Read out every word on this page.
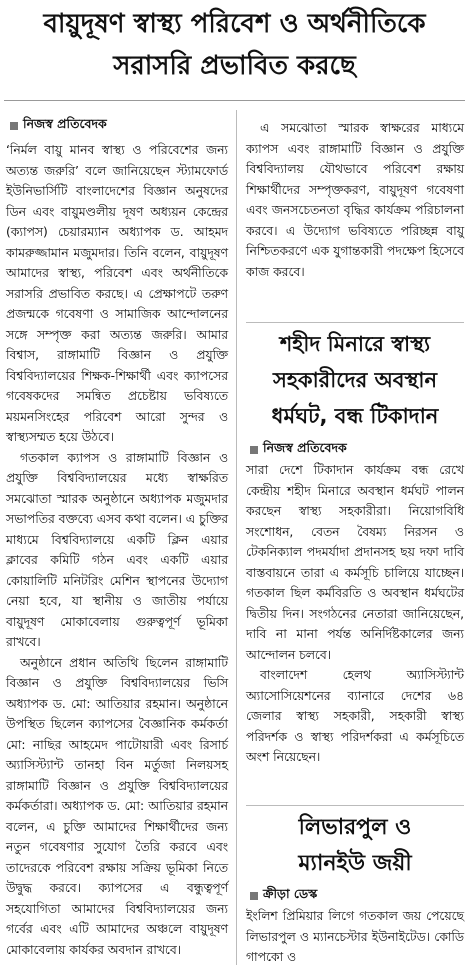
বায়ুদূষণ স্বাস্থ্য পরিবেশ ও অর্থনীতিকে
সরাসরি প্রভাবিত করছে
নিজস্ব প্রতিবেদক

‘নির্মল বায়ু মানব স্বাস্থ্য ও পরিবেশের জন্য অত্যন্ত জরুরি’ বলে জানিয়েছেন স্ট্যামফোর্ড ইউনিভার্সিটি বাংলাদেশের বিজ্ঞান অনুষদের ডিন এবং বায়ুমণ্ডলীয় দূষণ অধ্যয়ন কেন্দ্রের (ক্যাপস) চেয়ারম্যান অধ্যাপক ড. আহমদ কামরুজ্জামান মজুমদার। তিনি বলেন, বায়ুদূষণ আমাদের স্বাস্থ্য, পরিবেশ এবং অর্থনীতিকে সরাসরি প্রভাবিত করছে। এ প্রেক্ষাপটে তরুণ প্রজন্মকে গবেষণা ও সামাজিক আন্দোলনের সঙ্গে সম্পৃক্ত করা অত্যন্ত জরুরি। আমার বিশ্বাস, রাঙ্গামাটি বিজ্ঞান ও প্রযুক্তি বিশ্ববিদ্যালয়ের শিক্ষক-শিক্ষার্থী এবং ক্যাপসের গবেষকদের সমন্বিত প্রচেষ্টায় ভবিষ্যতে ময়মনসিংহের পরিবেশ আরো সুন্দর ও স্বাস্থ্যসম্মত হয়ে উঠবে।

গতকাল ক্যাপস ও রাঙ্গামাটি বিজ্ঞান ও প্রযুক্তি বিশ্ববিদ্যালয়ের মধ্যে স্বাক্ষরিত সমঝোতা স্মারক অনুষ্ঠানে অধ্যাপক মজুমদার সভাপতির বক্তব্যে এসব কথা বলেন। এ চুক্তির মাধ্যমে বিশ্ববিদ্যালয়ে একটি ক্লিন এয়ার ক্লাবের কমিটি গঠন এবং একটি এয়ার কোয়ালিটি মনিটরিং মেশিন স্থাপনের উদ্যোগ নেয়া হবে, যা স্থানীয় ও জাতীয় পর্যায়ে বায়ুদূষণ মোকাবেলায় গুরুত্বপূর্ণ ভূমিকা রাখবে।

অনুষ্ঠানে প্রধান অতিথি ছিলেন রাঙ্গামাটি বিজ্ঞান ও প্রযুক্তি বিশ্ববিদ্যালয়ের ভিসি অধ্যাপক ড. মো: আতিয়ার রহমান। অনুষ্ঠানে উপস্থিত ছিলেন ক্যাপসের বৈজ্ঞানিক কর্মকর্তা মো: নাছির আহমেদ পাটোয়ারী এবং রিসার্চ অ্যাসিস্ট্যান্ট তানহা বিন মর্তুজা নিলয়সহ রাঙ্গামাটি বিজ্ঞান ও প্রযুক্তি বিশ্ববিদ্যালয়ের কর্মকর্তারা। অধ্যাপক ড. মো: আতিয়ার রহমান বলেন, এ চুক্তি আমাদের শিক্ষার্থীদের জন্য নতুন গবেষণার সুযোগ তৈরি করবে এবং তাদেরকে পরিবেশ রক্ষায় সক্রিয় ভূমিকা নিতে উদ্বুদ্ধ করবে। ক্যাপসের এ বন্ধুত্বপূর্ণ সহযোগিতা আমাদের বিশ্ববিদ্যালয়ের জন্য গর্বের এবং এটি আমাদের অঞ্চলে বায়ুদূষণ মোকাবেলায় কার্যকর অবদান রাখবে।

এ সমঝোতা স্মারক স্বাক্ষরের মাধ্যমে ক্যাপস এবং রাঙ্গামাটি বিজ্ঞান ও প্রযুক্তি বিশ্ববিদ্যালয় যৌথভাবে পরিবেশ রক্ষায় শিক্ষার্থীদের সম্পৃক্তকরণ, বায়ুদূষণ গবেষণা এবং জনসচেতনতা বৃদ্ধির কার্যক্রম পরিচালনা করবে। এ উদ্যোগ ভবিষ্যতে পরিচ্ছন্ন বায়ু নিশ্চিতকরণে এক যুগান্তকারী পদক্ষেপ হিসেবে কাজ করবে।

শহীদ মিনারে স্বাস্থ্য
সহকারীদের অবস্থান
ধর্মঘট, বন্ধ টিকাদান
নিজস্ব প্রতিবেদক

সারা দেশে টিকাদান কার্যক্রম বন্ধ রেখে কেন্দ্রীয় শহীদ মিনারে অবস্থান ধর্মঘট পালন করছেন স্বাস্থ্য সহকারীরা। নিয়োগবিধি সংশোধন, বেতন বৈষম্য নিরসন ও টেকনিক্যাল পদমর্যাদা প্রদানসহ ছয় দফা দাবি বাস্তবায়নে তারা এ কর্মসূচি চালিয়ে যাচ্ছেন। গতকাল ছিল কর্মবিরতি ও অবস্থান ধর্মঘটের দ্বিতীয় দিন। সংগঠনের নেতারা জানিয়েছেন, দাবি না মানা পর্যন্ত অনির্দিষ্টকালের জন্য আন্দোলন চলবে।

বাংলাদেশ হেলথ অ্যাসিস্ট্যান্ট অ্যাসোসিয়েশনের ব্যানারে দেশের ৬৪ জেলার স্বাস্থ্য সহকারী, সহকারী স্বাস্থ্য পরিদর্শক ও স্বাস্থ্য পরিদর্শকরা এ কর্মসূচিতে অংশ নিয়েছেন।

লিভারপুল ও
ম্যানইউ জয়ী
ক্রীড়া ডেস্ক

ইংলিশ প্রিমিয়ার লিগে গতকাল জয় পেয়েছে লিভারপুল ও ম্যানচেস্টার ইউনাইটেড। কোডি গাপকো ও
